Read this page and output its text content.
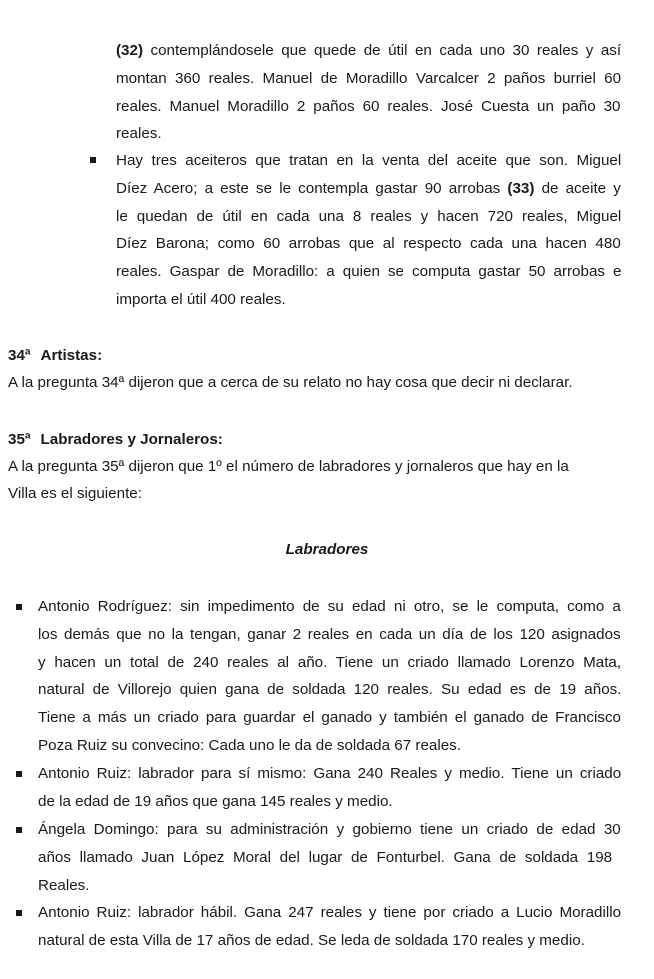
(32) contemplándosele que quede de útil en cada uno 30 reales y así
montan 360 reales. Manuel de Moradillo Varcalcer 2 paños burriel 60
reales. Manuel Moradillo 2 paños 60 reales. José Cuesta un paño 30
reales.
Hay tres aceiteros que tratan en la venta del aceite que son. Miguel
Díez Acero; a este se le contempla gastar 90 arrobas (33) de aceite y
le quedan de útil en cada una 8 reales y hacen 720 reales, Miguel
Díez Barona; como 60 arrobas que al respecto cada una hacen 480
reales. Gaspar de Moradillo: a quien se computa gastar 50 arrobas e
importa el útil 400 reales.
34ª Artistas:
A la pregunta 34ª dijeron que a cerca de su relato no hay cosa que decir ni declarar.
35ª Labradores y Jornaleros:
A la pregunta 35ª dijeron que 1º el número de labradores y jornaleros que hay en la
Villa es el siguiente:
Labradores
Antonio Rodríguez: sin impedimento de su edad ni otro, se le computa, como a
los demás que no la tengan, ganar 2 reales en cada un día de los 120 asignados
y hacen un total de 240 reales al año. Tiene un criado llamado Lorenzo Mata,
natural de Villorejo quien gana de soldada 120 reales. Su edad es de 19 años.
Tiene a más un criado para guardar el ganado y también el ganado de Francisco
Poza Ruiz su convecino: Cada uno le da de soldada 67 reales.
Antonio Ruiz: labrador para sí mismo: Gana 240 Reales y medio. Tiene un criado
de la edad de 19 años que gana 145 reales y medio.
Ángela Domingo: para su administración y gobierno tiene un criado de edad 30
años llamado Juan López Moral del lugar de Fonturbel. Gana de soldada 198
Reales.
Antonio Ruiz: labrador hábil. Gana 247 reales y tiene por criado a Lucio Moradillo
natural de esta Villa de 17 años de edad. Se leda de soldada 170 reales y medio.
